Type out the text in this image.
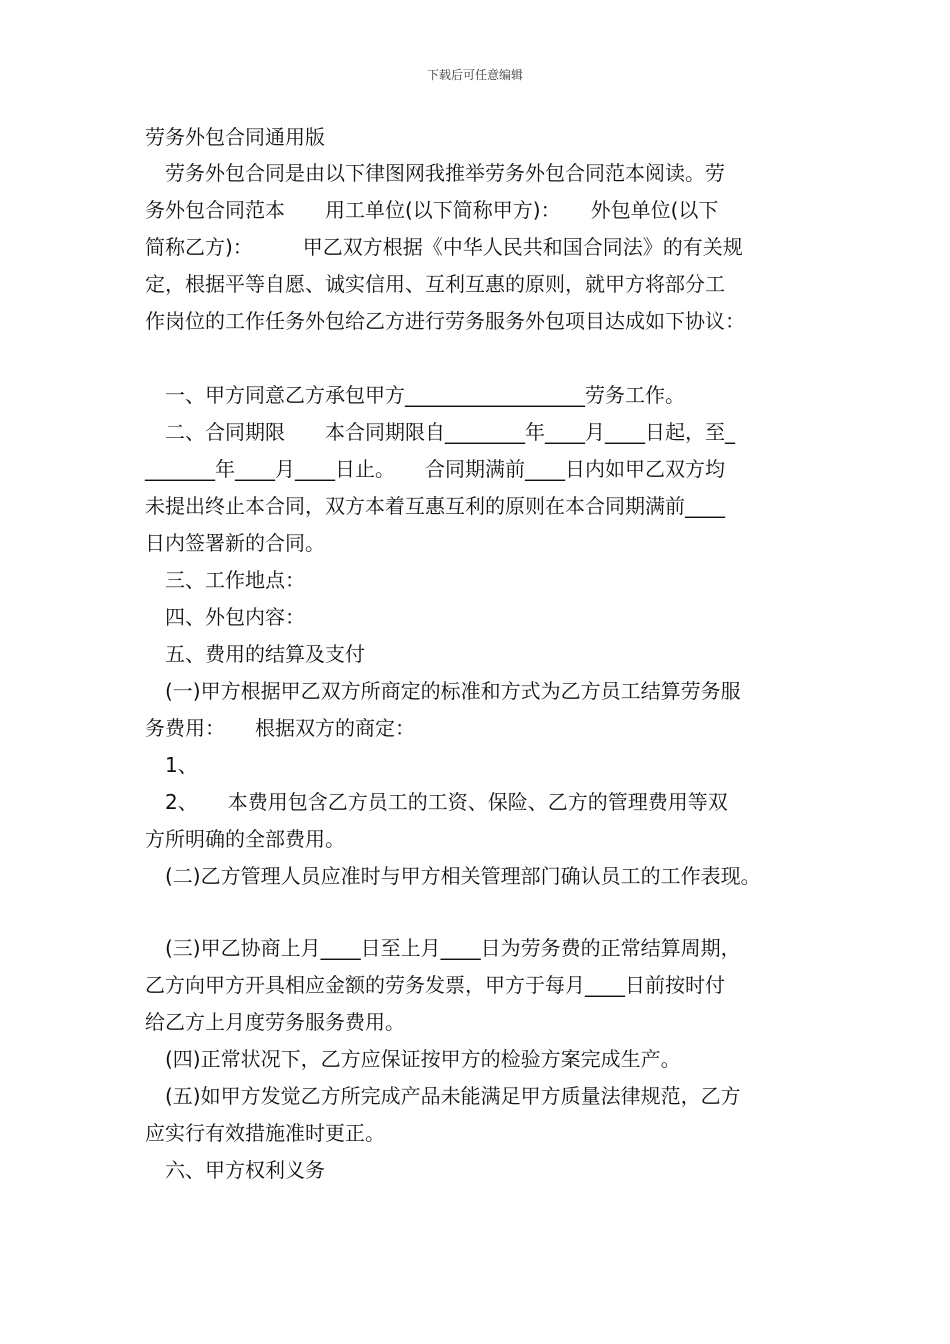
下载后可任意编辑
劳务外包合同通用版
　劳务外包合同是由以下律图网我推举劳务外包合同范本阅读。劳
务外包合同范本　　用工单位(以下简称甲方)：　　外包单位(以下
简称乙方)：　　　甲乙双方根据《中华人民共和国合同法》的有关规
定，根据平等自愿、诚实信用、互利互惠的原则，就甲方将部分工
作岗位的工作任务外包给乙方进行劳务服务外包项目达成如下协议：
　一、甲方同意乙方承包甲方__________________劳务工作。
　二、合同期限　　本合同期限自________年____月____日起，至_
_______年____月____日止。　　合同期满前____日内如甲乙双方均
未提出终止本合同，双方本着互惠互利的原则在本合同期满前____
日内签署新的合同。
　三、工作地点：
　四、外包内容：
　五、费用的结算及支付
　(一)甲方根据甲乙双方所商定的标准和方式为乙方员工结算劳务服
务费用：　　根据双方的商定：
　1、
　2、　　本费用包含乙方员工的工资、保险、乙方的管理费用等双
方所明确的全部费用。
　(二)乙方管理人员应准时与甲方相关管理部门确认员工的工作表现。
　(三)甲乙协商上月____日至上月____日为劳务费的正常结算周期，
乙方向甲方开具相应金额的劳务发票，甲方于每月____日前按时付
给乙方上月度劳务服务费用。
　(四)正常状况下，乙方应保证按甲方的检验方案完成生产。
　(五)如甲方发觉乙方所完成产品未能满足甲方质量法律规范，乙方
应实行有效措施准时更正。
　六、甲方权利义务
